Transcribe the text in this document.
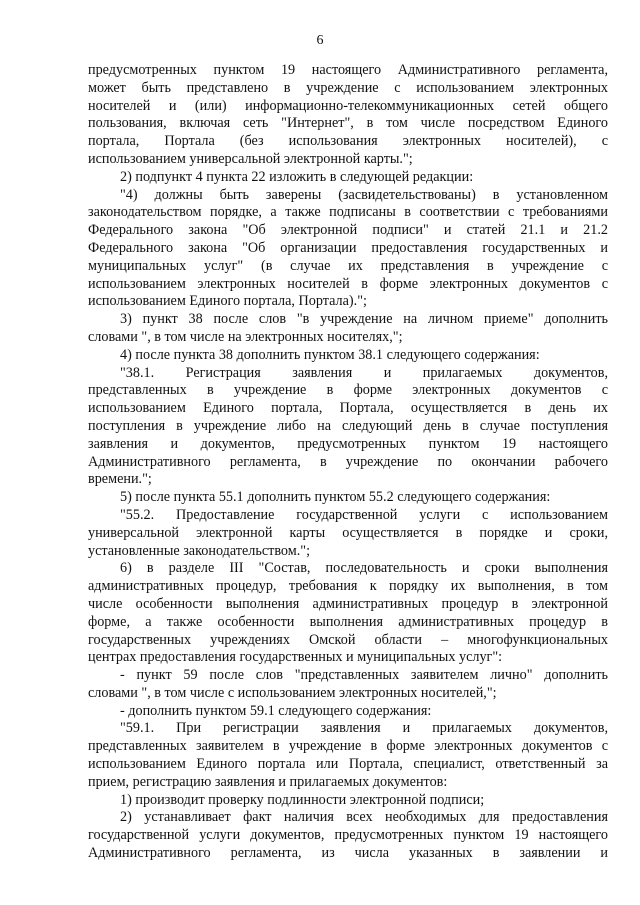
6
предусмотренных пунктом 19 настоящего Административного регламента,
может быть представлено в учреждение с использованием электронных
носителей и (или) информационно-телекоммуникационных сетей общего
пользования, включая сеть "Интернет", в том числе посредством Единого
портала, Портала (без использования электронных носителей), с
использованием универсальной электронной карты.";
2) подпункт 4 пункта 22 изложить в следующей редакции:
"4) должны быть заверены (засвидетельствованы) в установленном
законодательством порядке, а также подписаны в соответствии с требованиями
Федерального закона "Об электронной подписи" и статей 21.1 и 21.2
Федерального закона "Об организации предоставления государственных и
муниципальных услуг" (в случае их представления в учреждение с
использованием электронных носителей в форме электронных документов с
использованием Единого портала, Портала).";
3) пункт 38 после слов "в учреждение на личном приеме" дополнить
словами ", в том числе на электронных носителях,";
4) после пункта 38 дополнить пунктом 38.1 следующего содержания:
"38.1. Регистрация заявления и прилагаемых документов,
представленных в учреждение в форме электронных документов с
использованием Единого портала, Портала, осуществляется в день их
поступления в учреждение либо на следующий день в случае поступления
заявления и документов, предусмотренных пунктом 19 настоящего
Административного регламента, в учреждение по окончании рабочего
времени.";
5) после пункта 55.1 дополнить пунктом 55.2 следующего содержания:
"55.2. Предоставление государственной услуги с использованием
универсальной электронной карты осуществляется в порядке и сроки,
установленные законодательством.";
6) в разделе III "Состав, последовательность и сроки выполнения
административных процедур, требования к порядку их выполнения, в том
числе особенности выполнения административных процедур в электронной
форме, а также особенности выполнения административных процедур в
государственных учреждениях Омской области – многофункциональных
центрах предоставления государственных и муниципальных услуг":
- пункт 59 после слов "представленных заявителем лично" дополнить
словами ", в том числе с использованием электронных носителей,";
- дополнить пунктом 59.1 следующего содержания:
"59.1. При регистрации заявления и прилагаемых документов,
представленных заявителем в учреждение в форме электронных документов с
использованием Единого портала или Портала, специалист, ответственный за
прием, регистрацию заявления и прилагаемых документов:
1) производит проверку подлинности электронной подписи;
2) устанавливает факт наличия всех необходимых для предоставления
государственной услуги документов, предусмотренных пунктом 19 настоящего
Административного регламента, из числа указанных в заявлении и
